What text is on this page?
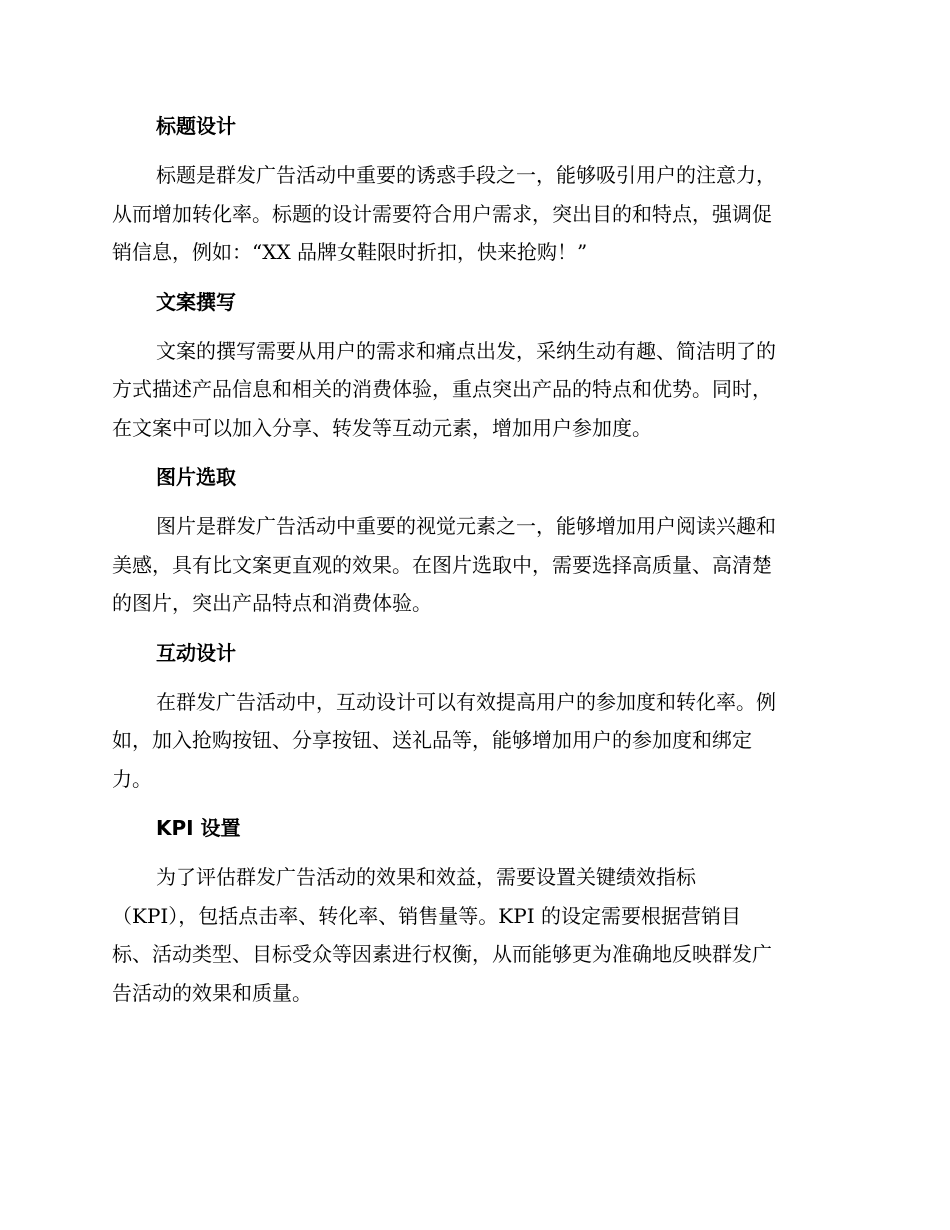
标题设计

标题是群发广告活动中重要的诱惑手段之一，能够吸引用户的注意力，
从而增加转化率。标题的设计需要符合用户需求，突出目的和特点，强调促
销信息，例如：“XX 品牌女鞋限时折扣，快来抢购！”

文案撰写

文案的撰写需要从用户的需求和痛点出发，采纳生动有趣、简洁明了的
方式描述产品信息和相关的消费体验，重点突出产品的特点和优势。同时，
在文案中可以加入分享、转发等互动元素，增加用户参加度。

图片选取

图片是群发广告活动中重要的视觉元素之一，能够增加用户阅读兴趣和
美感，具有比文案更直观的效果。在图片选取中，需要选择高质量、高清楚
的图片，突出产品特点和消费体验。

互动设计

在群发广告活动中，互动设计可以有效提高用户的参加度和转化率。例
如，加入抢购按钮、分享按钮、送礼品等，能够增加用户的参加度和绑定
力。

KPI 设置

为了评估群发广告活动的效果和效益，需要设置关键绩效指标
（KPI），包括点击率、转化率、销售量等。KPI 的设定需要根据营销目
标、活动类型、目标受众等因素进行权衡，从而能够更为准确地反映群发广
告活动的效果和质量。
